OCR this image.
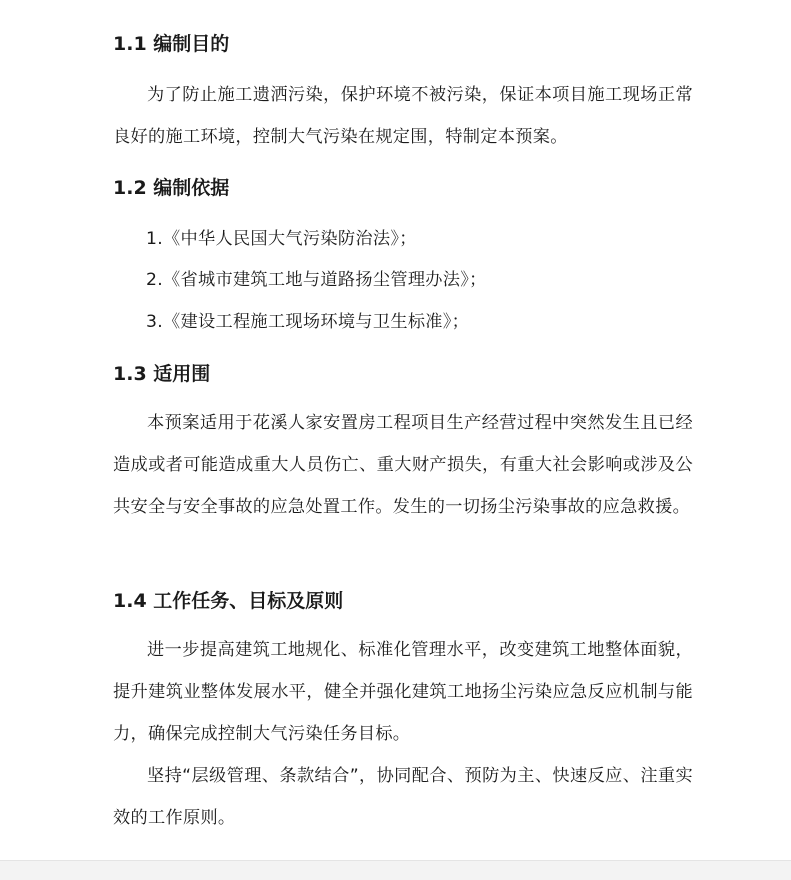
1.1 编制目的

为了防止施工遗洒污染，保护环境不被污染，保证本项目施工现场正常良好的施工环境，控制大气污染在规定围，特制定本预案。

1.2 编制依据

1.《中华人民国大气污染防治法》；

2.《省城市建筑工地与道路扬尘管理办法》；

3.《建设工程施工现场环境与卫生标准》；

1.3 适用围

本预案适用于花溪人家安置房工程项目生产经营过程中突然发生且已经造成或者可能造成重大人员伤亡、重大财产损失，有重大社会影响或涉及公共安全与安全事故的应急处置工作。发生的一切扬尘污染事故的应急救援。

1.4 工作任务、目标及原则

进一步提高建筑工地规化、标准化管理水平，改变建筑工地整体面貌，提升建筑业整体发展水平，健全并强化建筑工地扬尘污染应急反应机制与能力，确保完成控制大气污染任务目标。

坚持“层级管理、条款结合”，协同配合、预防为主、快速反应、注重实效的工作原则。
